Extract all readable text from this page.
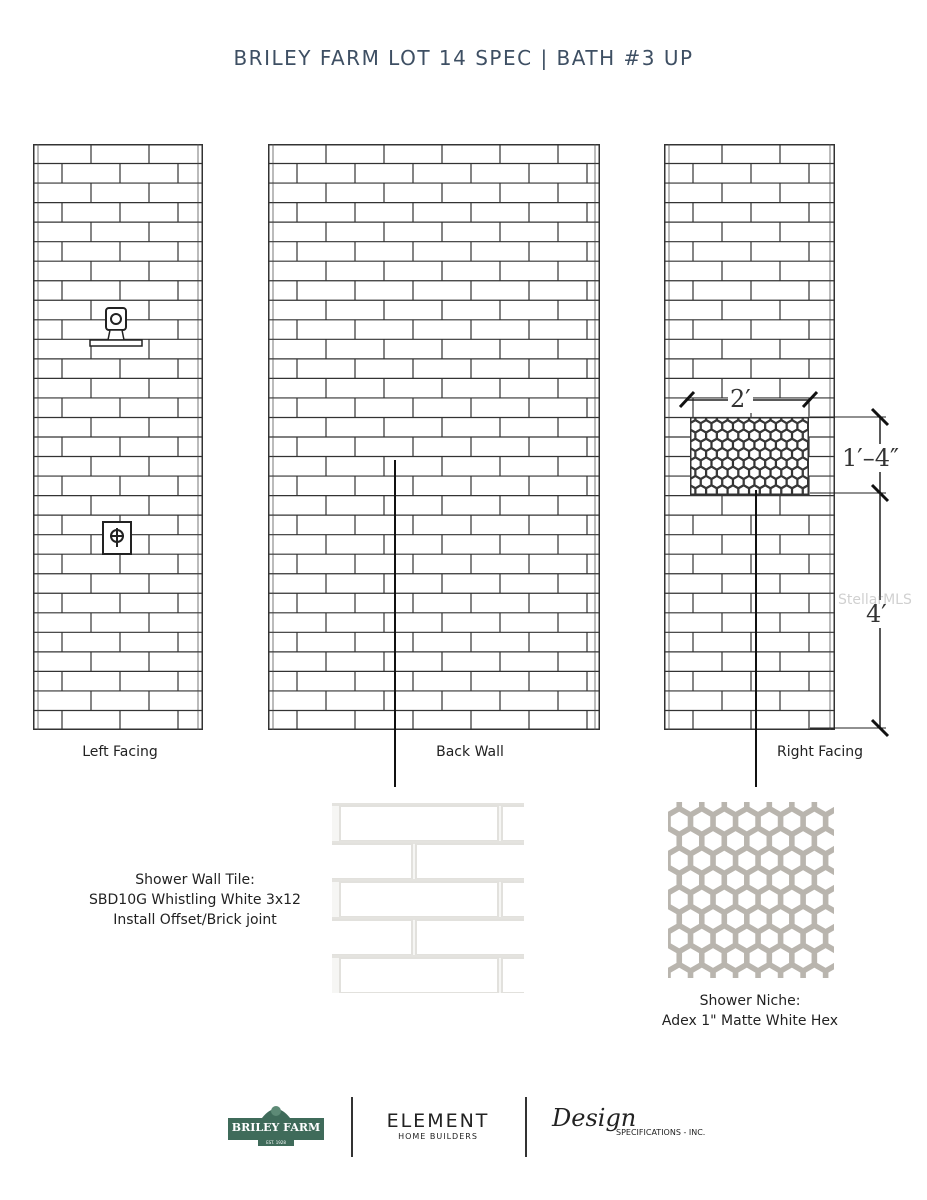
BRILEY FARM LOT 14 SPEC | BATH #3 UP
2′
1′–4″
4′
StellarMLS
Left Facing	Back Wall	Right Facing
Shower Wall Tile:
SBD10G Whistling White 3x12
Install Offset/Brick joint
Shower Niche:
Adex 1" Matte White Hex
BRILEY FARM
EST. 1928
ELEMENT
HOME BUILDERS
Design
SPECIFICATIONS - INC.
